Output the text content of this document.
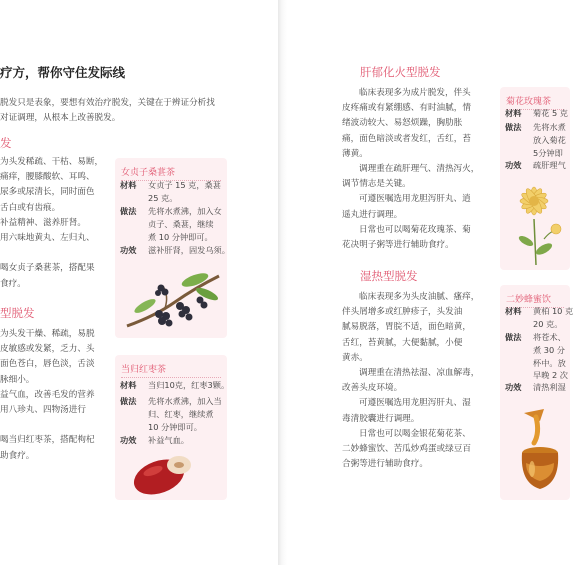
疗方，帮你守住发际线
脱发只是表象，要想有效治疗脱发，关键在于辨证分析找
对证调理，从根本上改善脱发。
发
为头发稀疏、干枯、易断，
痛痒，腰膝酸软、耳鸣、
尿多或尿清长，同时面色
舌白或有齿痕。
补益精神、滋养肝肾。
用六味地黄丸、左归丸、

喝女贞子桑葚茶，搭配果
食疗。
型脱发
为头发干燥、稀疏，易脱
皮敏感或发紧，乏力、头
面色苍白，唇色淡，舌淡
脉细小。
益气血，改善毛发的营养
用八珍丸、四物汤进行

喝当归红枣茶，搭配枸杞
助食疗。
女贞子桑葚茶
材料 女贞子 15 克，桑葚
25 克。
做法 先将水煮沸，加入女
贞子、桑葚，继续
煮 10 分钟即可。
功效 滋补肝肾，固发乌须。
当归红枣茶
材料 当归10克，红枣3颗。
做法 先将水煮沸，加入当
归、红枣，继续煮
10 分钟即可。
功效 补益气血。
肝郁化火型脱发
临床表现多为成片脱发，伴头
皮疼痛或有紧绷感、有时油腻，情
绪波动较大、易怒烦躁，胸肋胀
痛，面色暗淡或者发红，舌红，苔
薄黄。
调理重在疏肝理气、清热泻火，
调节情志是关键。
可遵医嘱选用龙胆泻肝丸、逍
遥丸进行调理。
日常也可以喝菊花玫瑰茶、菊
花决明子粥等进行辅助食疗。
湿热型脱发
临床表现多为头皮油腻、瘙痒，
伴头屑增多或红肿疹子，头发油
腻易脱落，胃脘不适，面色暗黄，
舌红，苔黄腻，大便黏腻，小便
黄赤。
调理重在清热祛湿、凉血解毒，
改善头皮环境。
可遵医嘱选用龙胆泻肝丸、湿
毒清胶囊进行调理。
日常也可以喝金银花菊花茶、
二妙蜂蜜饮、苦瓜炒鸡蛋或绿豆百
合粥等进行辅助食疗。
菊花玫瑰茶
材料 菊花 5 克
做法 先将水煮
放入菊花
5分钟即
功效 疏肝理气
二妙蜂蜜饮
材料 黄柏 10 克
20 克。
做法 将苍术、
煮 30 分
杯中。放
早晚 2 次
功效 清热利湿
